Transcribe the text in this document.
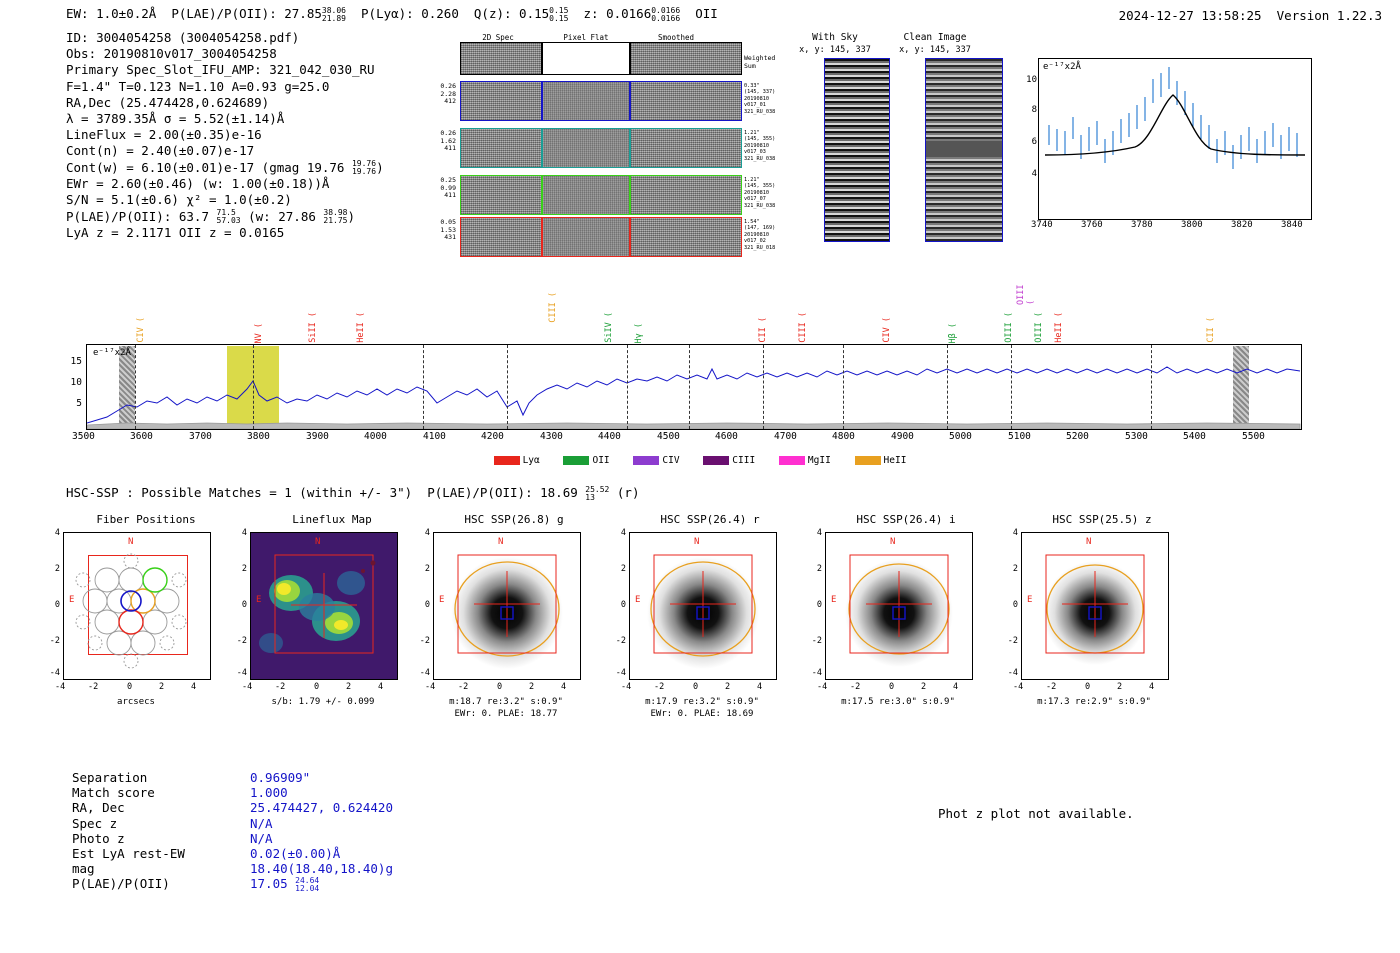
EW: 1.0±0.2Å  P(LAE)/P(OII): 27.85 38.06
21.89 P(Lyα): 0.260  Q(z): 0.15 0.15
0.15 z: 0.0166 0.0166
0.0166 OII	2024-12-27 13:58:25 Version 1.22.3
ID: 3004054258 (3004054258.pdf)
Obs: 20190810v017_3004054258
Primary Spec_Slot_IFU_AMP: 321_042_030_RU
F=1.4" T=0.123 N=1.10 A=0.93 g=25.0
RA,Dec (25.474428,0.624689)
λ = 3789.35Å σ = 5.52(±1.14)Å
LineFlux = 2.00(±0.35)e-16
Cont(n) = 2.40(±0.07)e-17
Cont(w) = 6.10(±0.01)e-17 (gmag 19.76 19.76
19.76 )
EWr = 2.60(±0.46) (w: 1.00(±0.18))Å
S/N = 5.1(±0.6) χ² = 1.0(±0.2)
P(LAE)/P(OII): 63.7 71.5
57.03 (w: 27.86 38.98
21.75 )
LyA z = 2.1171 OII z = 0.0165
2D Spec	Pixel Flat	Smoothed
Weighted
Sum
0.26
2.28
412
0.33"
(145, 337)
20190810
v017_01
321_RU_038
0.26
1.62
411
1.21"
(145, 355)
20190810
v017_03
321_RU_038
0.25
0.99
411
1.21"
(145, 355)
20190810
v017_07
321_RU_038
0.05
1.53
431
1.54"
(147, 169)
20190810
v017_02
321_RU_018
With Sky
x, y: 145, 337
Clean Image
x, y: 145, 337
e⁻¹⁷x2Å
3740	3760	3780	3800	3820	3840
4
6
8
10
e⁻¹⁷x2Å
5
10
15
3500	3600	3700	3800	3900	4000	4100	4200	4300	4400	4500	4600	4700	4800	4900	5000	5100	5200	5300	5400	5500
CIV (	NV (	SiII (	HeII (
CIII (
SiIV ( Hγ (	CII (	CIII (	CIV (	Hβ (	OIII ( OIII ( HeII (
OIII (
CII (
Lyα	OII	CIV	CIII	MgII	HeII
HSC-SSP : Possible Matches = 1 (within +/- 3")  P(LAE)/P(OII): 18.69 25.52
13	(r)
Fiber Positions
N
E
-4	-2	0	2	4
4
2
0
-2
-4
arcsecs
Lineflux Map
N
E
-4	-2	0	2	4
4
2
0
-2
-4
s/b: 1.79 +/- 0.099
HSC SSP(26.8) g
N
E
-4	-2	0	2	4
4
2
0
-2
-4
m:18.7 re:3.2" s:0.9"
EWr: 0. PLAE: 18.77
HSC SSP(26.4) r
N
E
-4	-2	0	2	4
4
2
0
-2
-4
m:17.9 re:3.2" s:0.9"
EWr: 0. PLAE: 18.69
HSC SSP(26.4) i
N
E
-4	-2	0	2	4
4
2
0
-2
-4
m:17.5 re:3.0" s:0.9"
HSC SSP(25.5) z
N
E
-4	-2	0	2	4
4
2
0
-2
-4
m:17.3 re:2.9" s:0.9"
Separation	0.96909"
Match score	1.000
RA, Dec	25.474427, 0.624420
Spec z	N/A
Photo z	N/A
Est LyA rest-EW	0.02(±0.00)Å
mag	18.40(18.40,18.40)g
P(LAE)/P(OII)	17.05 24.64
12.04
Phot z plot not available.
